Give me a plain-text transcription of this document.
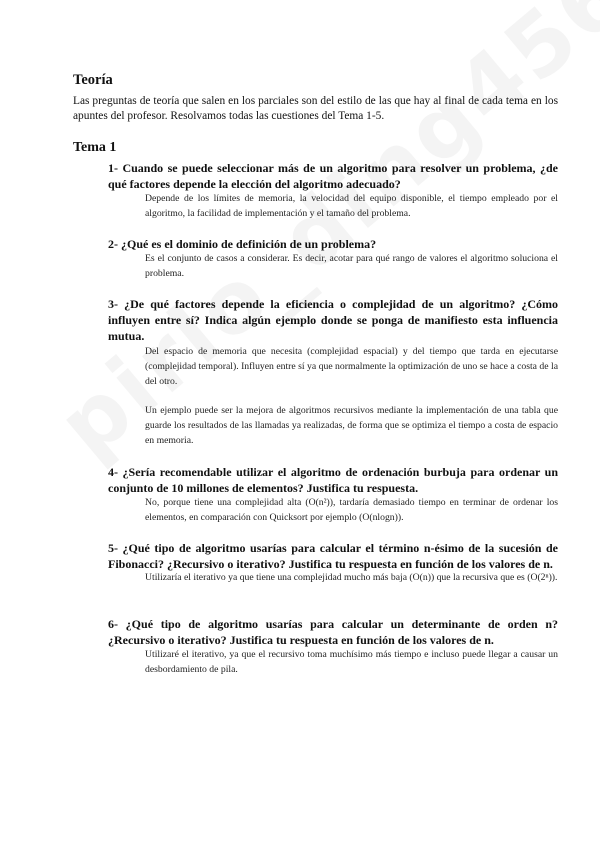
Teoría

Las preguntas de teoría que salen en los parciales son del estilo de las que hay al final de cada tema en los apuntes del profesor. Resolvamos todas las cuestiones del Tema 1-5.

Tema 1

1- Cuando se puede seleccionar más de un algoritmo para resolver un problema, ¿de qué factores depende la elección del algoritmo adecuado?

Depende de los límites de memoria, la velocidad del equipo disponible, el tiempo empleado por el algoritmo, la facilidad de implementación y el tamaño del problema.

2- ¿Qué es el dominio de definición de un problema?

Es el conjunto de casos a considerar. Es decir, acotar para qué rango de valores el algoritmo soluciona el problema.

3- ¿De qué factores depende la eficiencia o complejidad de un algoritmo? ¿Cómo influyen entre sí? Indica algún ejemplo donde se ponga de manifiesto esta influencia mutua.

Del espacio de memoria que necesita (complejidad espacial) y del tiempo que tarda en ejecutarse (complejidad temporal). Influyen entre sí ya que normalmente la optimización de uno se hace a costa de la del otro.

Un ejemplo puede ser la mejora de algoritmos recursivos mediante la implementación de una tabla que guarde los resultados de las llamadas ya realizadas, de forma que se optimiza el tiempo a costa de espacio en memoria.

4- ¿Sería recomendable utilizar el algoritmo de ordenación burbuja para ordenar un conjunto de 10 millones de elementos? Justifica tu respuesta.

No, porque tiene una complejidad alta (O(n²)), tardaría demasiado tiempo en terminar de ordenar los elementos, en comparación con Quicksort por ejemplo (O(nlogn)).

5- ¿Qué tipo de algoritmo usarías para calcular el término n-ésimo de la sucesión de Fibonacci? ¿Recursivo o iterativo? Justifica tu respuesta en función de los valores de n.

Utilizaría el iterativo ya que tiene una complejidad mucho más baja (O(n)) que la recursiva que es (O(2ⁿ)).

6- ¿Qué tipo de algoritmo usarías para calcular un determinante de orden n? ¿Recursivo o iterativo? Justifica tu respuesta en función de los valores de n.

Utilizaré el iterativo, ya que el recursivo toma muchísimo más tiempo e incluso puede llegar a causar un desbordamiento de pila.
